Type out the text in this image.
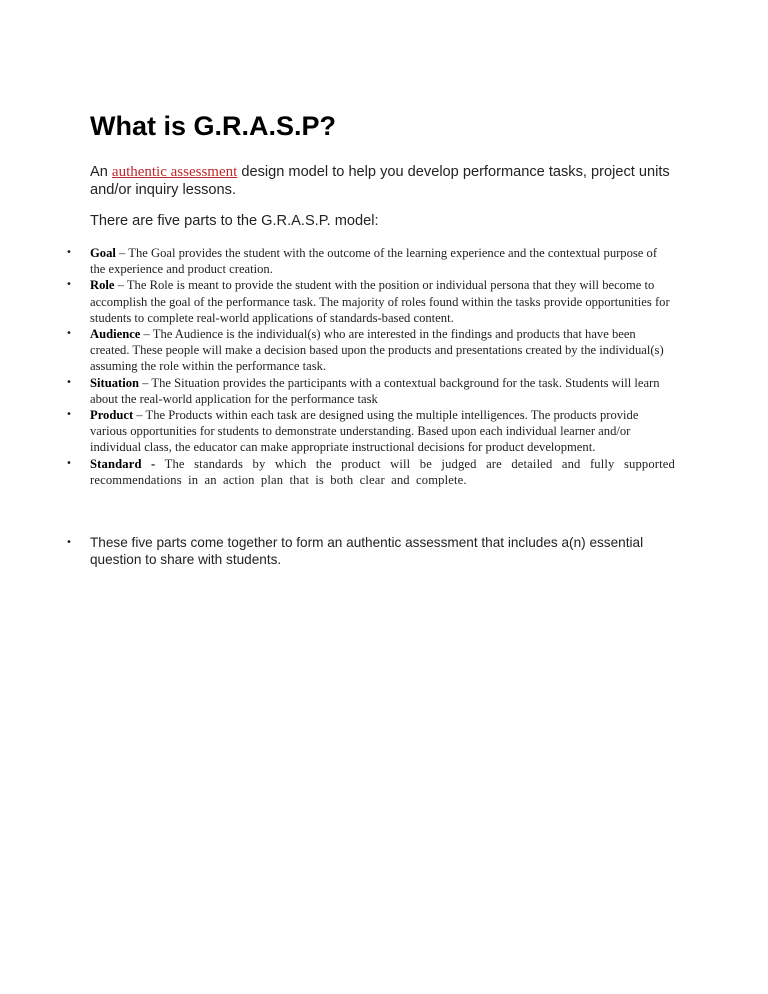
What is G.R.A.S.P?

An authentic assessment design model to help you develop performance tasks, project units and/or inquiry lessons.

There are five parts to the G.R.A.S.P. model:

• Goal – The Goal provides the student with the outcome of the learning experience and the contextual purpose of the experience and product creation.
• Role – The Role is meant to provide the student with the position or individual persona that they will become to accomplish the goal of the performance task. The majority of roles found within the tasks provide opportunities for students to complete real-world applications of standards-based content.
• Audience – The Audience is the individual(s) who are interested in the findings and products that have been created. These people will make a decision based upon the products and presentations created by the individual(s) assuming the role within the performance task.
• Situation – The Situation provides the participants with a contextual background for the task. Students will learn about the real-world application for the performance task
• Product – The Products within each task are designed using the multiple intelligences. The products provide various opportunities for students to demonstrate understanding. Based upon each individual learner and/or individual class, the educator can make appropriate instructional decisions for product development.
• Standard - The standards by which the product will be judged are detailed and fully supported recommendations in an action plan that is both clear and complete.
• These five parts come together to form an authentic assessment that includes a(n) essential question to share with students.
